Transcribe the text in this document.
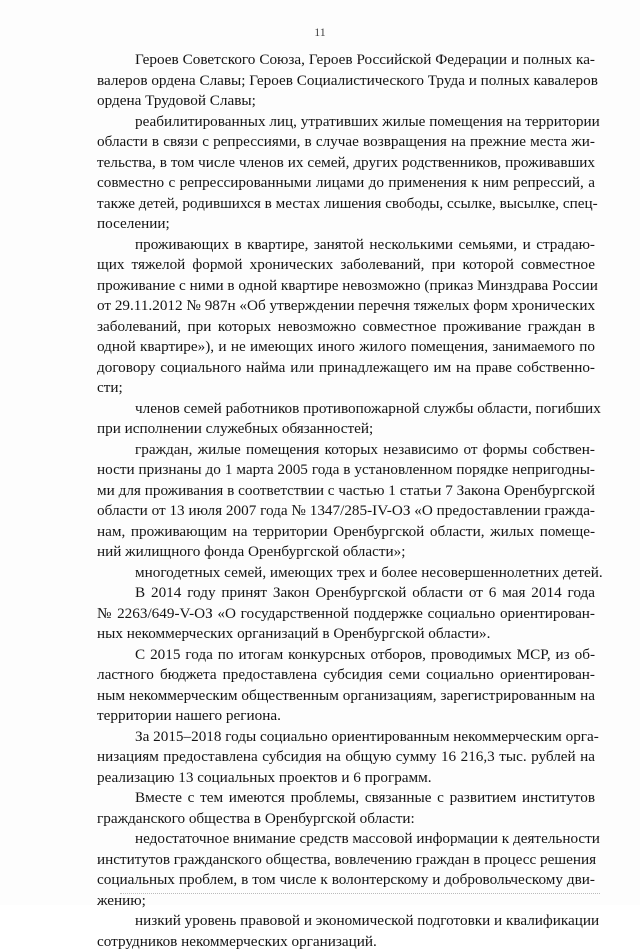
11
Героев Советского Союза, Героев Российской Федерации и полных ка-
валеров ордена Славы; Героев Социалистического Труда и полных кавалеров
ордена Трудовой Славы;
реабилитированных лиц, утративших жилые помещения на территории
области в связи с репрессиями, в случае возвращения на прежние места жи-
тельства, в том числе членов их семей, других родственников, проживавших
совместно с репрессированными лицами до применения к ним репрессий, а
также детей, родившихся в местах лишения свободы, ссылке, высылке, спец-
поселении;
проживающих в квартире, занятой несколькими семьями, и страдаю-
щих тяжелой формой хронических заболеваний, при которой совместное
проживание с ними в одной квартире невозможно (приказ Минздрава России
от 29.11.2012 № 987н «Об утверждении перечня тяжелых форм хронических
заболеваний, при которых невозможно совместное проживание граждан в
одной квартире»), и не имеющих иного жилого помещения, занимаемого по
договору социального найма или принадлежащего им на праве собственно-
сти;
членов семей работников противопожарной службы области, погибших
при исполнении служебных обязанностей;
граждан, жилые помещения которых независимо от формы собствен-
ности признаны до 1 марта 2005 года в установленном порядке непригодны-
ми для проживания в соответствии с частью 1 статьи 7 Закона Оренбургской
области от 13 июля 2007 года № 1347/285-IV-ОЗ «О предоставлении гражда-
нам, проживающим на территории Оренбургской области, жилых помеще-
ний жилищного фонда Оренбургской области»;
многодетных семей, имеющих трех и более несовершеннолетних детей.
В 2014 году принят Закон Оренбургской области от 6 мая 2014 года
№ 2263/649-V-ОЗ «О государственной поддержке социально ориентирован-
ных некоммерческих организаций в Оренбургской области».
С 2015 года по итогам конкурсных отборов, проводимых МСР, из об-
ластного бюджета предоставлена субсидия семи социально ориентирован-
ным некоммерческим общественным организациям, зарегистрированным на
территории нашего региона.
За 2015–2018 годы социально ориентированным некоммерческим орга-
низациям предоставлена субсидия на общую сумму 16 216,3 тыс. рублей на
реализацию 13 социальных проектов и 6 программ.
Вместе с тем имеются проблемы, связанные с развитием институтов
гражданского общества в Оренбургской области:
недостаточное внимание средств массовой информации к деятельности
институтов гражданского общества, вовлечению граждан в процесс решения
социальных проблем, в том числе к волонтерскому и добровольческому дви-
жению;
низкий уровень правовой и экономической подготовки и квалификации
сотрудников некоммерческих организаций.
